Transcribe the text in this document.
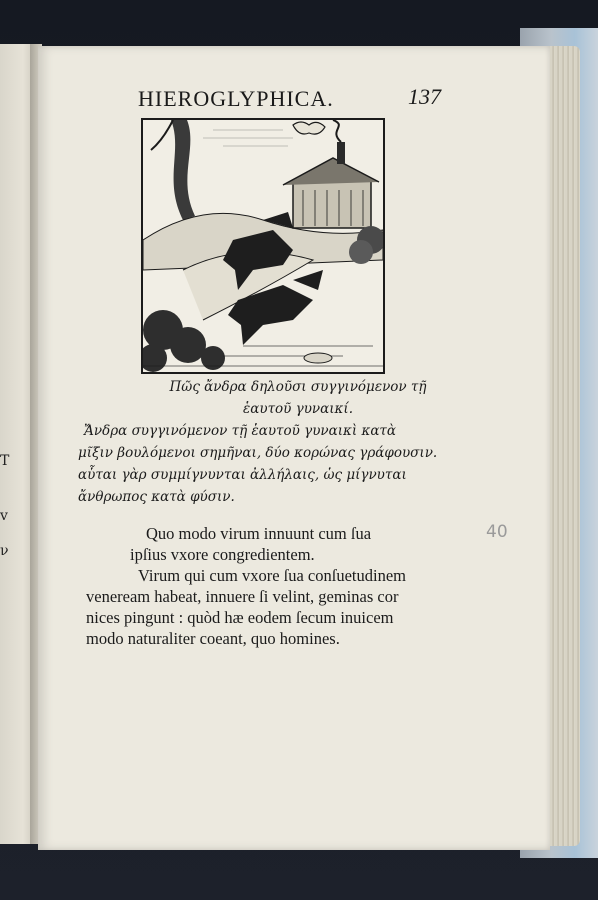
T
v
ν
HIEROGLYPHICA.	137
Πῶς ἄνδρα δηλοῦσι συγγινόμενον τῇ
ἑαυτοῦ γυναικί.
Ἄνδρα συγγινόμενον τῇ ἑαυτοῦ γυναικὶ κατὰ
μῖξιν βουλόμενοι σημῆναι, δύο κορώνας γράφουσιν.
αὗται γὰρ συμμίγνυνται ἀλλήλαις, ὡς μίγνυται
ἄνθρωπος κατὰ φύσιν.
Quo modo virum innuunt cum ſua
ipſius vxore congredientem.
Virum qui cum vxore ſua conſuetudinem
veneream habeat, innuere ſi velint, geminas cor
nices pingunt : quòd hæ eodem ſecum inuicem
modo naturaliter coeant, quo homines.
40
